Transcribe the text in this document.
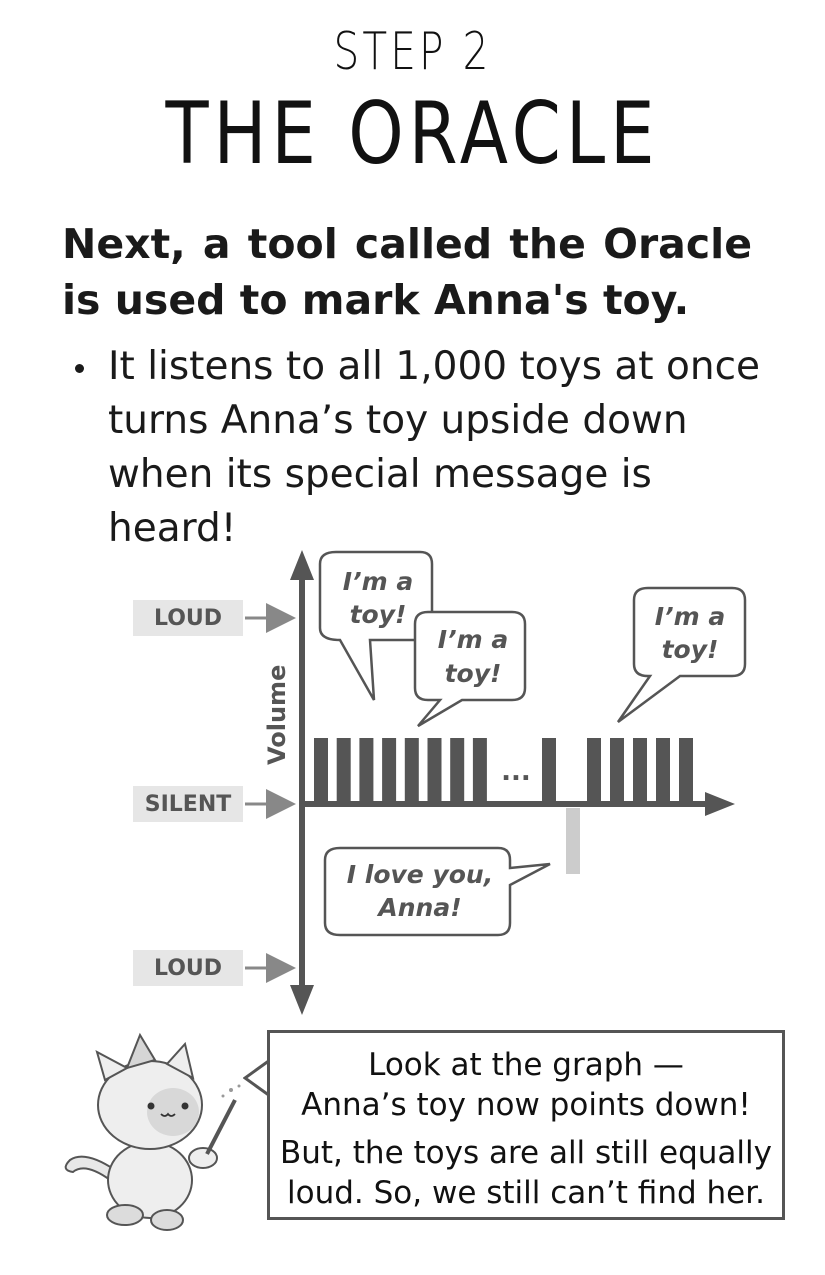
STEP 2
THE ORACLE
Next, a tool called the Oracle is used to mark Anna's toy.
It listens to all 1,000 toys at once turns Anna’s toy upside down when its special message is heard!
LOUD
SILENT
LOUD
Volume
...
I’m a
toy!
I’m a
toy!
I’m a
toy!
I love you,
Anna!
Look at the graph —
Anna’s toy now points down!
But, the toys are all still equally
loud. So, we still can’t find her.
